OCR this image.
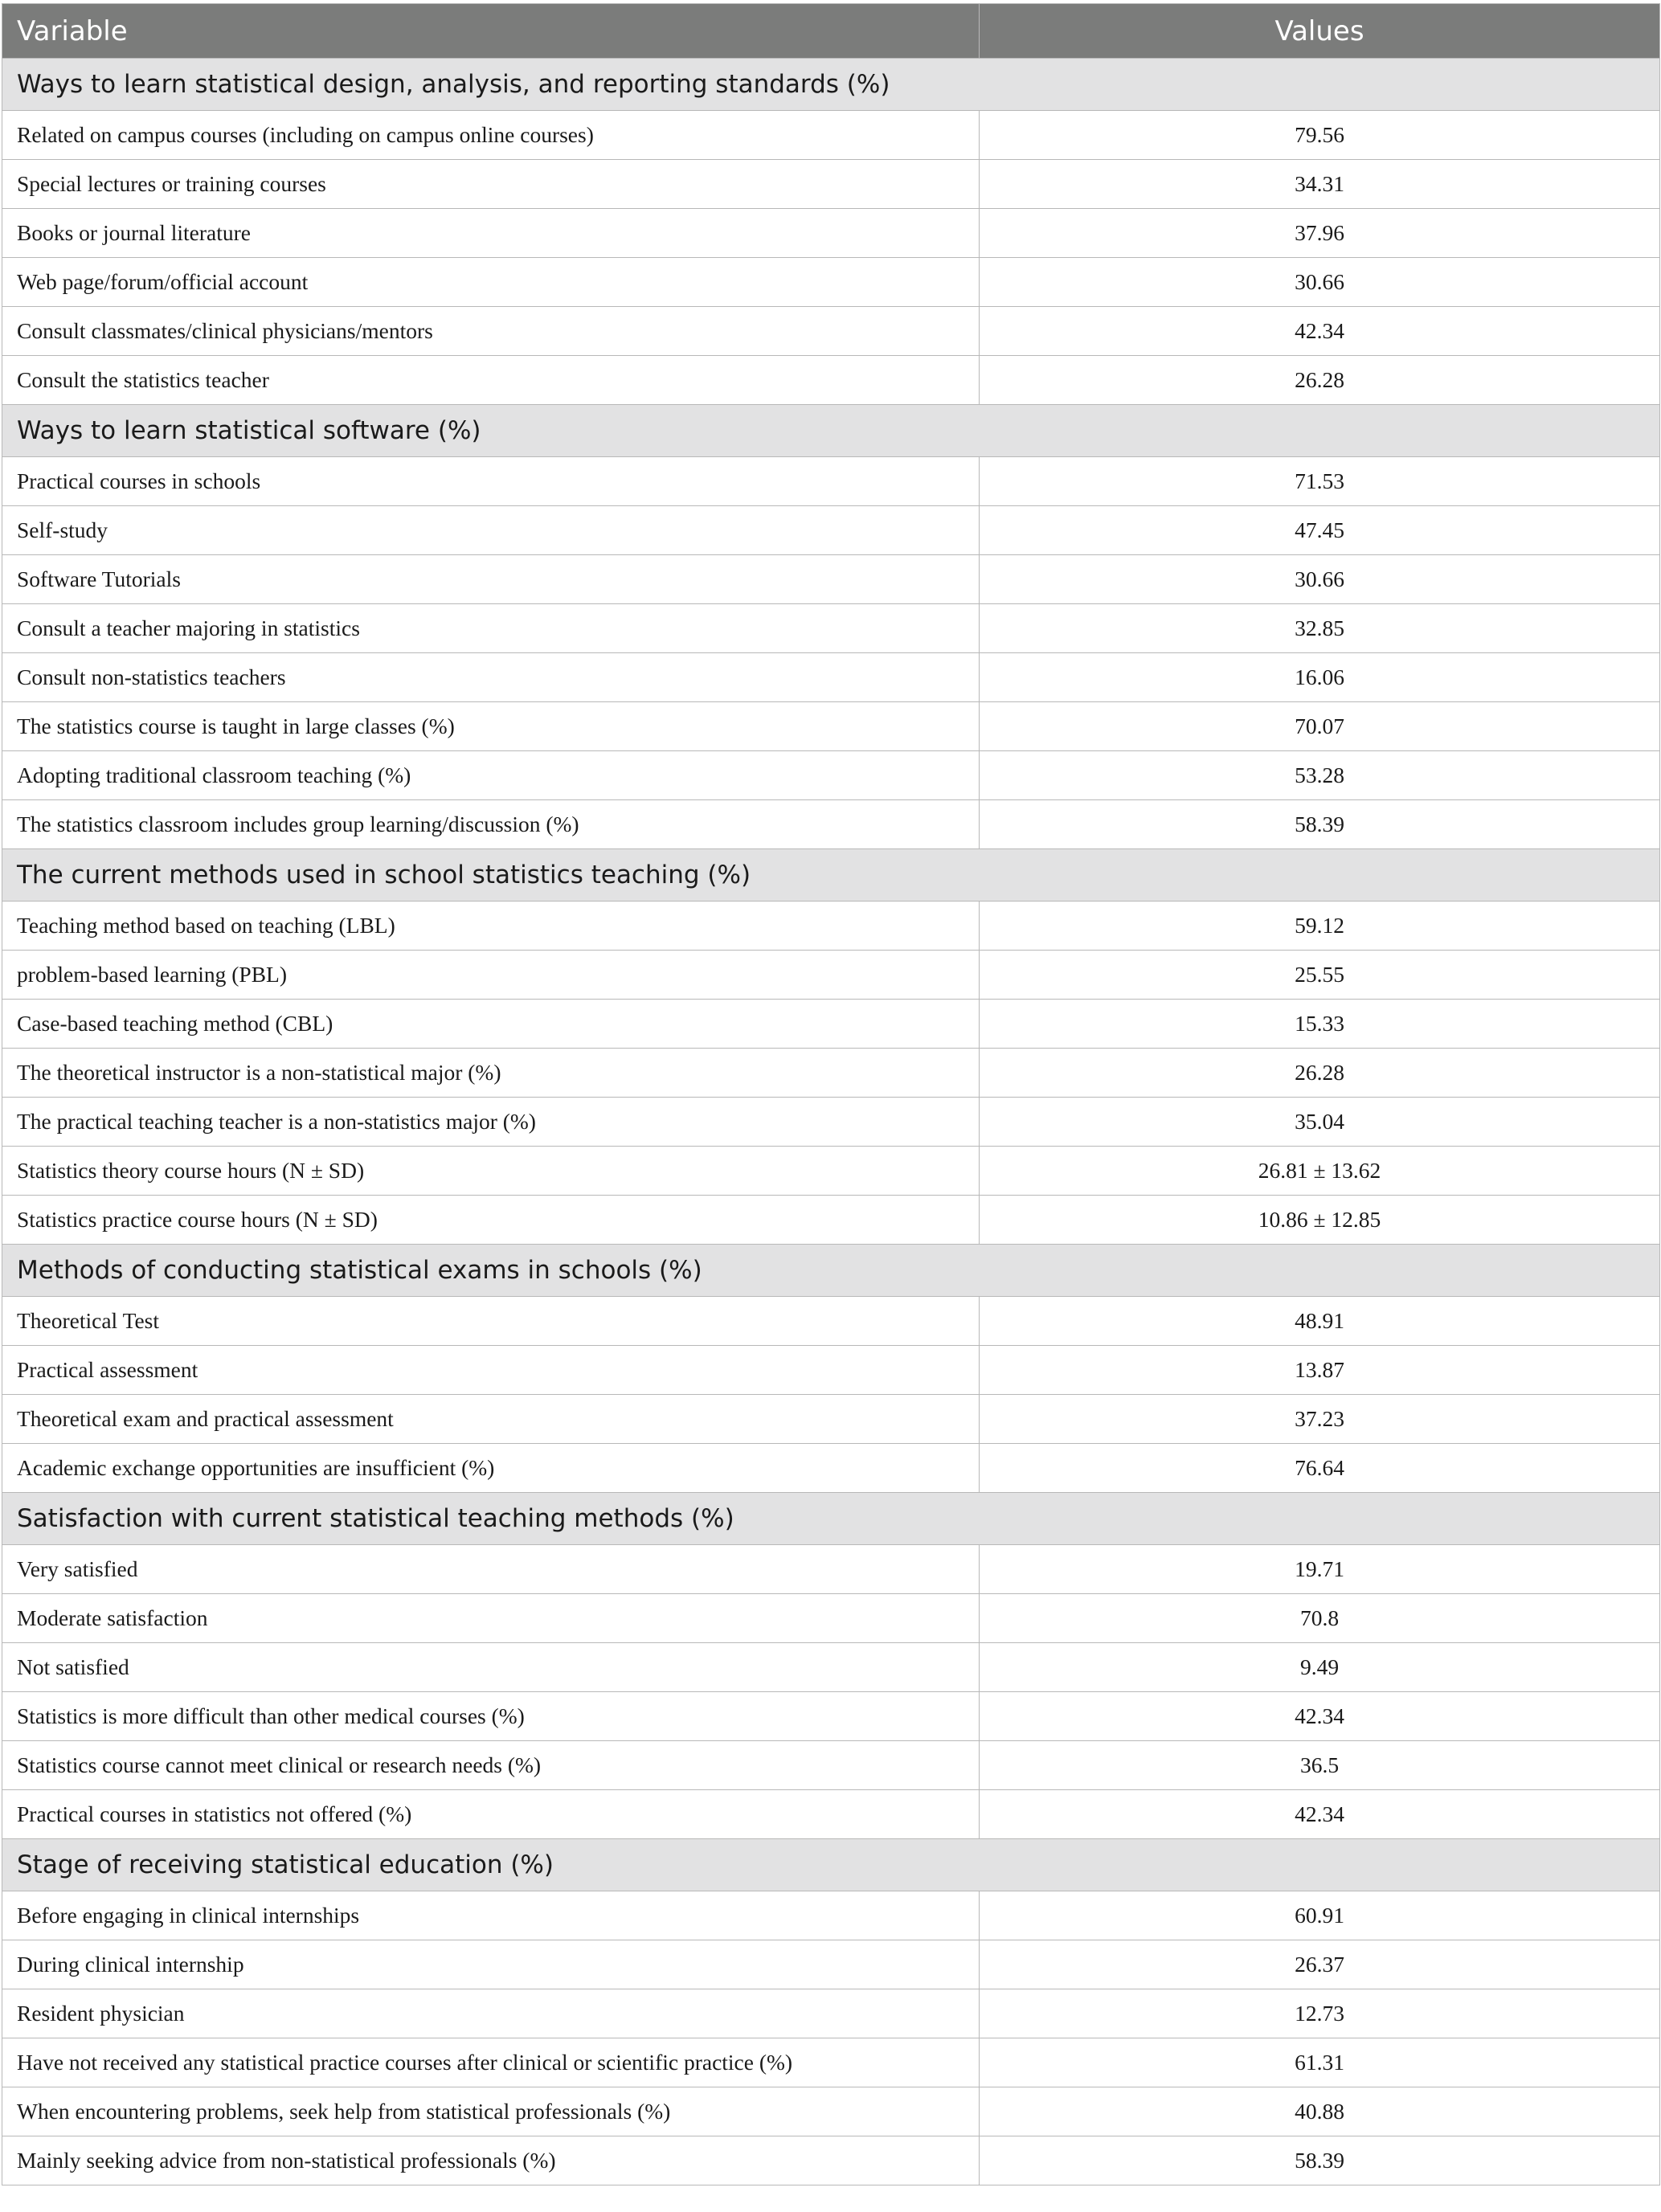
Variable	Values
Ways to learn statistical design, analysis, and reporting standards (%)	
Related on campus courses (including on campus online courses)	79.56
Special lectures or training courses	34.31
Books or journal literature	37.96
Web page/forum/official account	30.66
Consult classmates/clinical physicians/mentors	42.34
Consult the statistics teacher	26.28
Ways to learn statistical software (%)	
Practical courses in schools	71.53
Self-study	47.45
Software Tutorials	30.66
Consult a teacher majoring in statistics	32.85
Consult non-statistics teachers	16.06
The statistics course is taught in large classes (%)	70.07
Adopting traditional classroom teaching (%)	53.28
The statistics classroom includes group learning/discussion (%)	58.39
The current methods used in school statistics teaching (%)	
Teaching method based on teaching (LBL)	59.12
problem-based learning (PBL)	25.55
Case-based teaching method (CBL)	15.33
The theoretical instructor is a non-statistical major (%)	26.28
The practical teaching teacher is a non-statistics major (%)	35.04
Statistics theory course hours (N ± SD)	26.81 ± 13.62
Statistics practice course hours (N ± SD)	10.86 ± 12.85
Methods of conducting statistical exams in schools (%)	
Theoretical Test	48.91
Practical assessment	13.87
Theoretical exam and practical assessment	37.23
Academic exchange opportunities are insufficient (%)	76.64
Satisfaction with current statistical teaching methods (%)	
Very satisfied	19.71
Moderate satisfaction	70.8
Not satisfied	9.49
Statistics is more difficult than other medical courses (%)	42.34
Statistics course cannot meet clinical or research needs (%)	36.5
Practical courses in statistics not offered (%)	42.34
Stage of receiving statistical education (%)	
Before engaging in clinical internships	60.91
During clinical internship	26.37
Resident physician	12.73
Have not received any statistical practice courses after clinical or scientific practice (%)	61.31
When encountering problems, seek help from statistical professionals (%)	40.88
Mainly seeking advice from non-statistical professionals (%)	58.39
